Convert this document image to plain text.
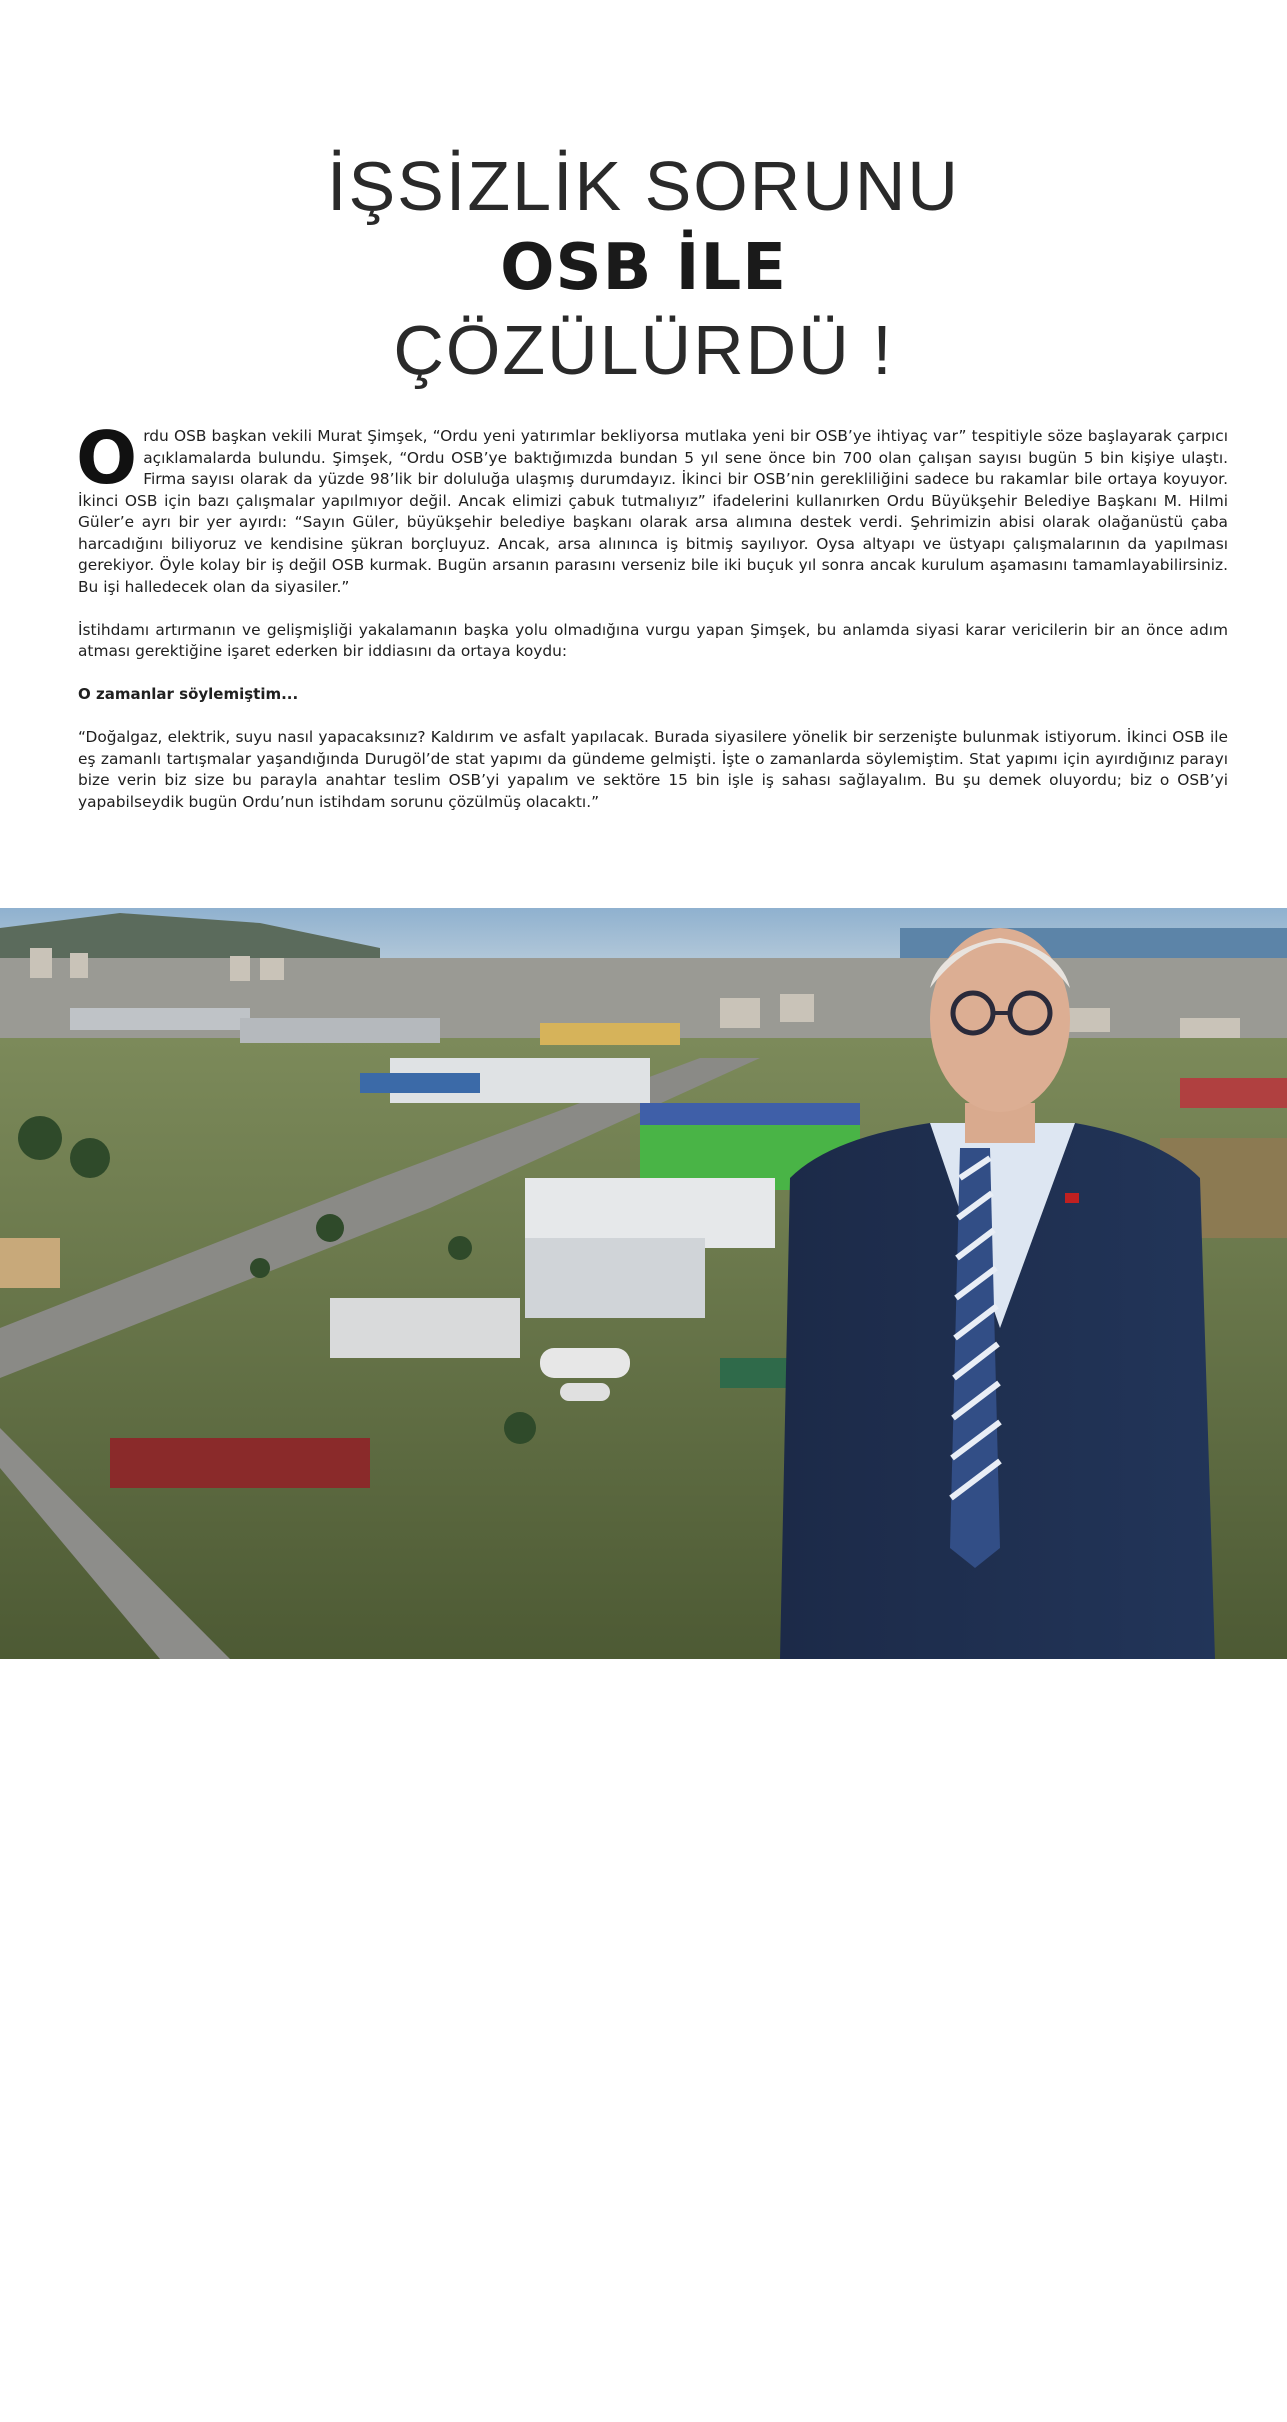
İŞSİZLİK SORUNU
OSB İLE
ÇÖZÜLÜRDÜ !

Ordu OSB başkan vekili Murat Şimşek, “Ordu yeni yatırımlar bekliyorsa mutlaka yeni bir OSB’ye ihtiyaç var” tespitiyle söze başlayarak çarpıcı açıklamalarda bulundu. Şimşek, “Ordu OSB’ye baktığımızda bundan 5 yıl sene önce bin 700 olan çalışan sayısı bugün 5 bin kişiye ulaştı. Firma sayısı olarak da yüzde 98’lik bir doluluğa ulaşmış durumdayız. İkinci bir OSB’nin gerekliliğini sadece bu rakamlar bile ortaya koyuyor. İkinci OSB için bazı çalışmalar yapılmıyor değil. Ancak elimizi çabuk tutmalıyız” ifadelerini kullanırken Ordu Büyükşehir Belediye Başkanı M. Hilmi Güler’e ayrı bir yer ayırdı: “Sayın Güler, büyükşehir belediye başkanı olarak arsa alımına destek verdi. Şehrimizin abisi olarak olağanüstü çaba harcadığını biliyoruz ve kendisine şükran borçluyuz. Ancak, arsa alınınca iş bitmiş sayılıyor. Oysa altyapı ve üstyapı çalışmalarının da yapılması gerekiyor. Öyle kolay bir iş değil OSB kurmak. Bugün arsanın parasını verseniz bile iki buçuk yıl sonra ancak kurulum aşamasını tamamlayabilirsiniz. Bu işi halledecek olan da siyasiler.”

İstihdamı artırmanın ve gelişmişliği yakalamanın başka yolu olmadığına vurgu yapan Şimşek, bu anlamda siyasi karar vericilerin bir an önce adım atması gerektiğine işaret ederken bir iddiasını da ortaya koydu:

O zamanlar söylemiştim...

“Doğalgaz, elektrik, suyu nasıl yapacaksınız? Kaldırım ve asfalt yapılacak. Burada siyasilere yönelik bir serzenişte bulunmak istiyorum. İkinci OSB ile eş zamanlı tartışmalar yaşandığında Durugöl’de stat yapımı da gündeme gelmişti. İşte o zamanlarda söylemiştim. Stat yapımı için ayırdığınız parayı bize verin biz size bu parayla anahtar teslim OSB’yi yapalım ve sektöre 15 bin işle iş sahası sağlayalım. Bu şu demek oluyordu; biz o OSB’yi yapabilseydik bugün Ordu’nun istihdam sorunu çözülmüş olacaktı.”

MURAT ŞİMŞEK
ORDU OSB BAŞKAN VEKİLİ
